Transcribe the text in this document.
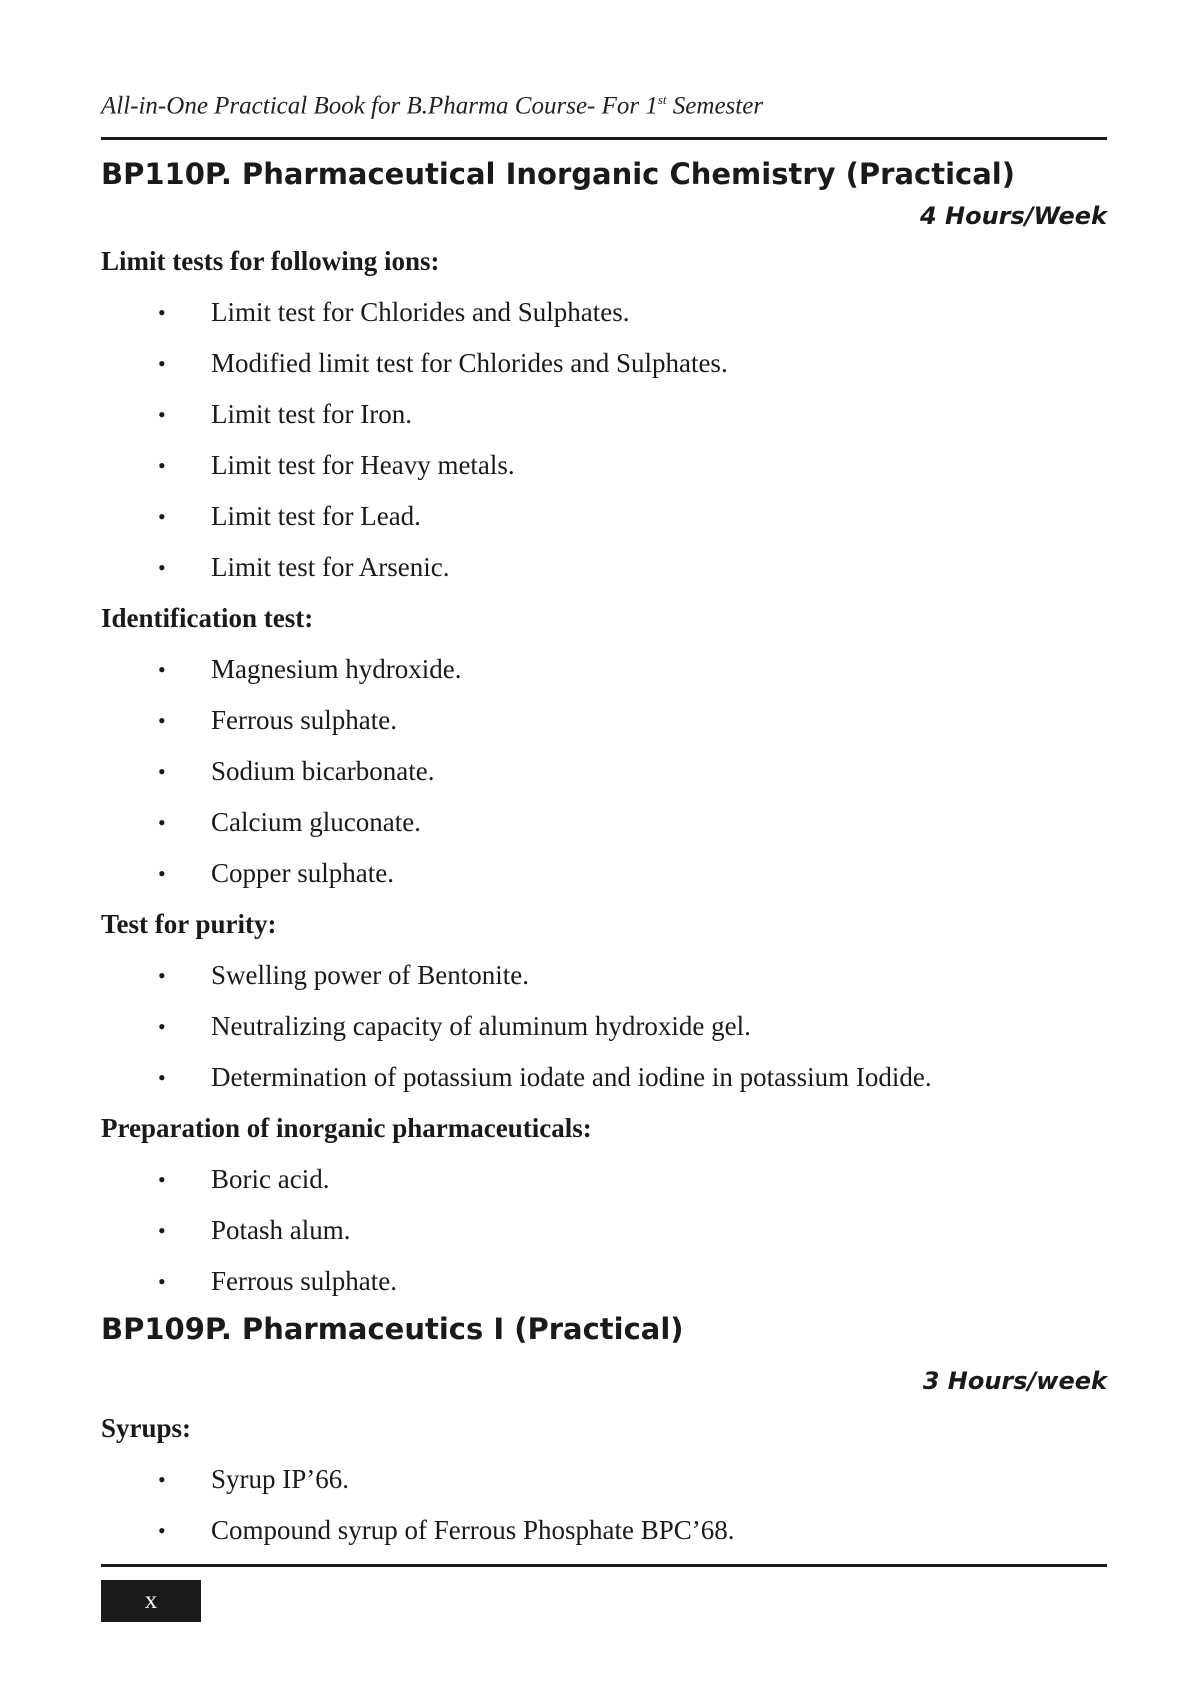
All-in-One Practical Book for B.Pharma Course- For 1st Semester
BP110P. Pharmaceutical Inorganic Chemistry (Practical)
4 Hours/Week
Limit tests for following ions:
• Limit test for Chlorides and Sulphates.
• Modified limit test for Chlorides and Sulphates.
• Limit test for Iron.
• Limit test for Heavy metals.
• Limit test for Lead.
• Limit test for Arsenic.
Identification test:
• Magnesium hydroxide.
• Ferrous sulphate.
• Sodium bicarbonate.
• Calcium gluconate.
• Copper sulphate.
Test for purity:
• Swelling power of Bentonite.
• Neutralizing capacity of aluminum hydroxide gel.
• Determination of potassium iodate and iodine in potassium Iodide.
Preparation of inorganic pharmaceuticals:
• Boric acid.
• Potash alum.
• Ferrous sulphate.
BP109P. Pharmaceutics I (Practical)
3 Hours/week
Syrups:
• Syrup IP’66.
• Compound syrup of Ferrous Phosphate BPC’68.
x
